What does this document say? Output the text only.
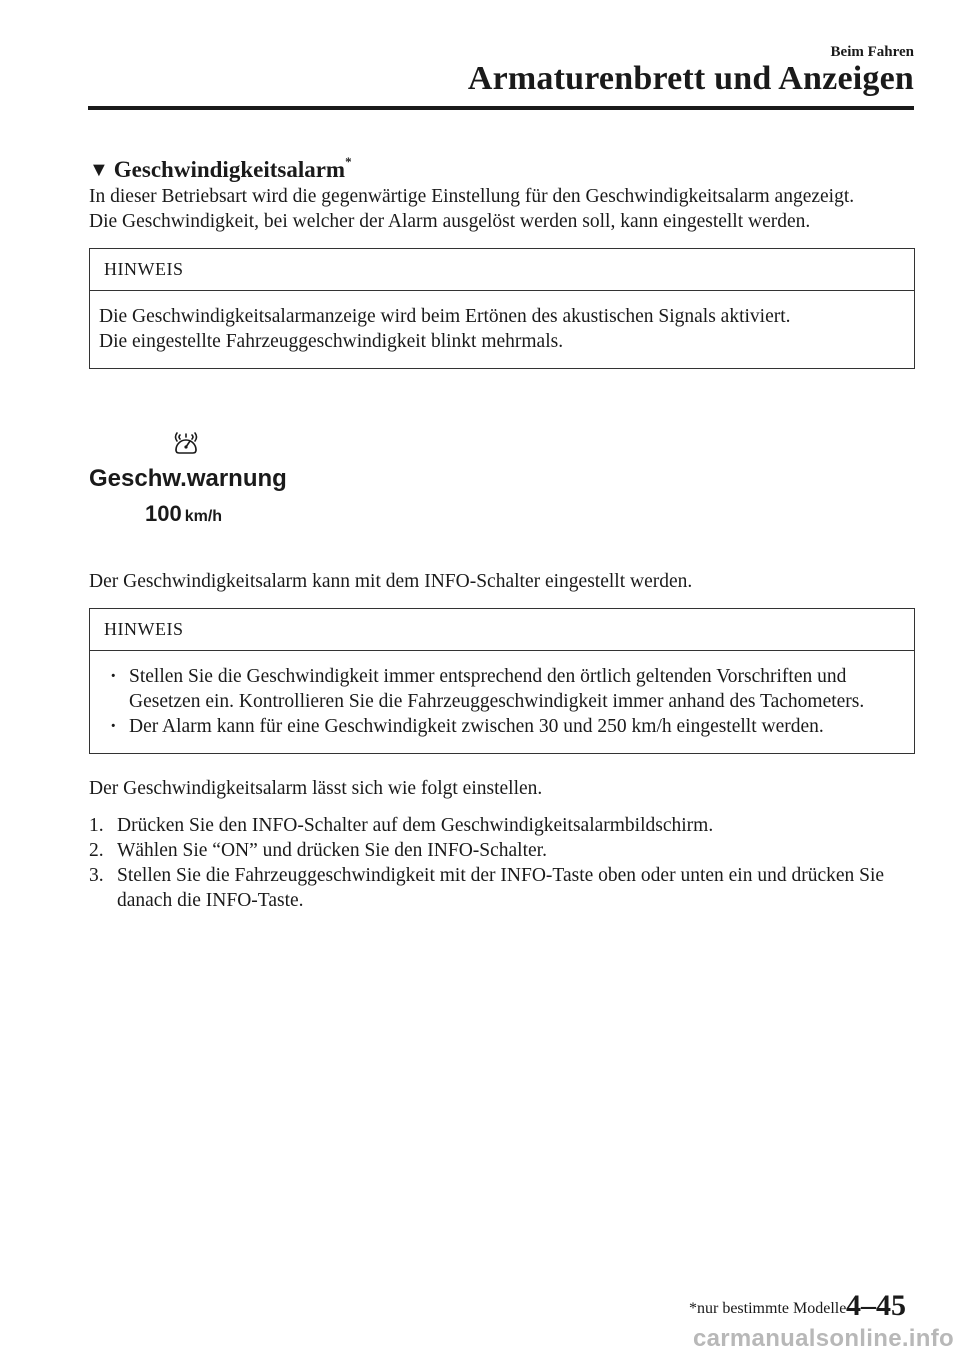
Beim Fahren
Armaturenbrett und Anzeigen
▼ Geschwindigkeitsalarm*

In dieser Betriebsart wird die gegenwärtige Einstellung für den Geschwindigkeitsalarm angezeigt.

Die Geschwindigkeit, bei welcher der Alarm ausgelöst werden soll, kann eingestellt werden.

HINWEIS
Die Geschwindigkeitsalarmanzeige wird beim Ertönen des akustischen Signals aktiviert.
Die eingestellte Fahrzeuggeschwindigkeit blinkt mehrmals.
Geschw.warnung
100 km/h

Der Geschwindigkeitsalarm kann mit dem INFO-Schalter eingestellt werden.

HINWEIS
· Stellen Sie die Geschwindigkeit immer entsprechend den örtlich geltenden Vorschriften und Gesetzen ein. Kontrollieren Sie die Fahrzeuggeschwindigkeit immer anhand des Tachometers.
· Der Alarm kann für eine Geschwindigkeit zwischen 30 und 250 km/h eingestellt werden.

Der Geschwindigkeitsalarm lässt sich wie folgt einstellen.

1. Drücken Sie den INFO-Schalter auf dem Geschwindigkeitsalarmbildschirm.
2. Wählen Sie “ON” und drücken Sie den INFO-Schalter.
3. Stellen Sie die Fahrzeuggeschwindigkeit mit der INFO-Taste oben oder unten ein und drücken Sie danach die INFO-Taste.
*nur bestimmte Modelle 4–45
carmanualsonline.info
